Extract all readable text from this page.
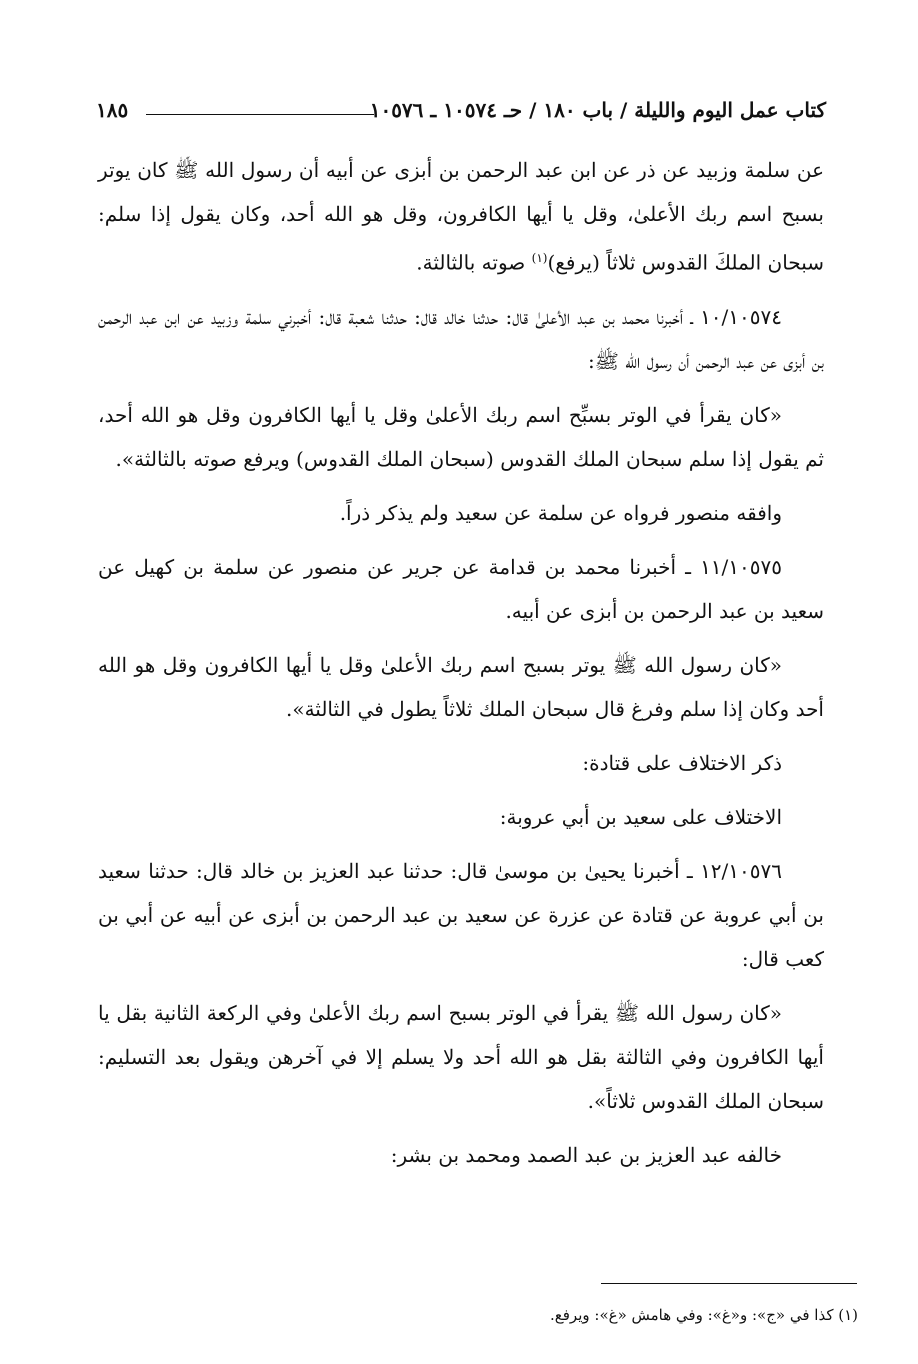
كتاب عمل اليوم والليلة / باب ١٨٠ / حـ ١٠٥٧٤ ـ ١٠٥٧٦
١٨٥

عن سلمة وزبيد عن ذر عن ابن عبد الرحمن بن أبزى عن أبيه أن رسول الله ﷺ كان يوتر بسبح اسم ربك الأعلىٰ، وقل يا أيها الكافرون، وقل هو الله أحد، وكان يقول إذا سلم: سبحان الملكَ القدوس ثلاثاً (يرفع)$^{(١)}$ صوته بالثالثة.

١٠/١٠٥٧٤ ـ أخبرنا محمد بن عبد الأعلىٰ قال: حدثنا خالد قال: حدثنا شعبة قال: أخبرني سلمة وزبيد عن ابن عبد الرحمن بن أبزى عن عبد الرحمن أن رسول الله ﷺ:

«كان يقرأ في الوتر بسبِّح اسم ربك الأعلىٰ وقل يا أيها الكافرون وقل هو الله أحد، ثم يقول إذا سلم سبحان الملك القدوس (سبحان الملك القدوس) ويرفع صوته بالثالثة».

وافقه منصور فرواه عن سلمة عن سعيد ولم يذكر ذراً.

١١/١٠٥٧٥ ـ أخبرنا محمد بن قدامة عن جرير عن منصور عن سلمة بن كهيل عن سعيد بن عبد الرحمن بن أبزى عن أبيه.

«كان رسول الله ﷺ يوتر بسبح اسم ربك الأعلىٰ وقل يا أيها الكافرون وقل هو الله أحد وكان إذا سلم وفرغ قال سبحان الملك ثلاثاً يطول في الثالثة».

ذكر الاختلاف على قتادة:

الاختلاف على سعيد بن أبي عروبة:

١٢/١٠٥٧٦ ـ أخبرنا يحيىٰ بن موسىٰ قال: حدثنا عبد العزيز بن خالد قال: حدثنا سعيد بن أبي عروبة عن قتادة عن عزرة عن سعيد بن عبد الرحمن بن أبزى عن أبيه عن أبي بن كعب قال:

«كان رسول الله ﷺ يقرأ في الوتر بسبح اسم ربك الأعلىٰ وفي الركعة الثانية بقل يا أيها الكافرون وفي الثالثة بقل هو الله أحد ولا يسلم إلا في آخرهن ويقول بعد التسليم: سبحان الملك القدوس ثلاثاً».

خالفه عبد العزيز بن عبد الصمد ومحمد بن بشر:

(١) كذا في «ج»: و«غ»: وفي هامش «غ»: ويرفع.
